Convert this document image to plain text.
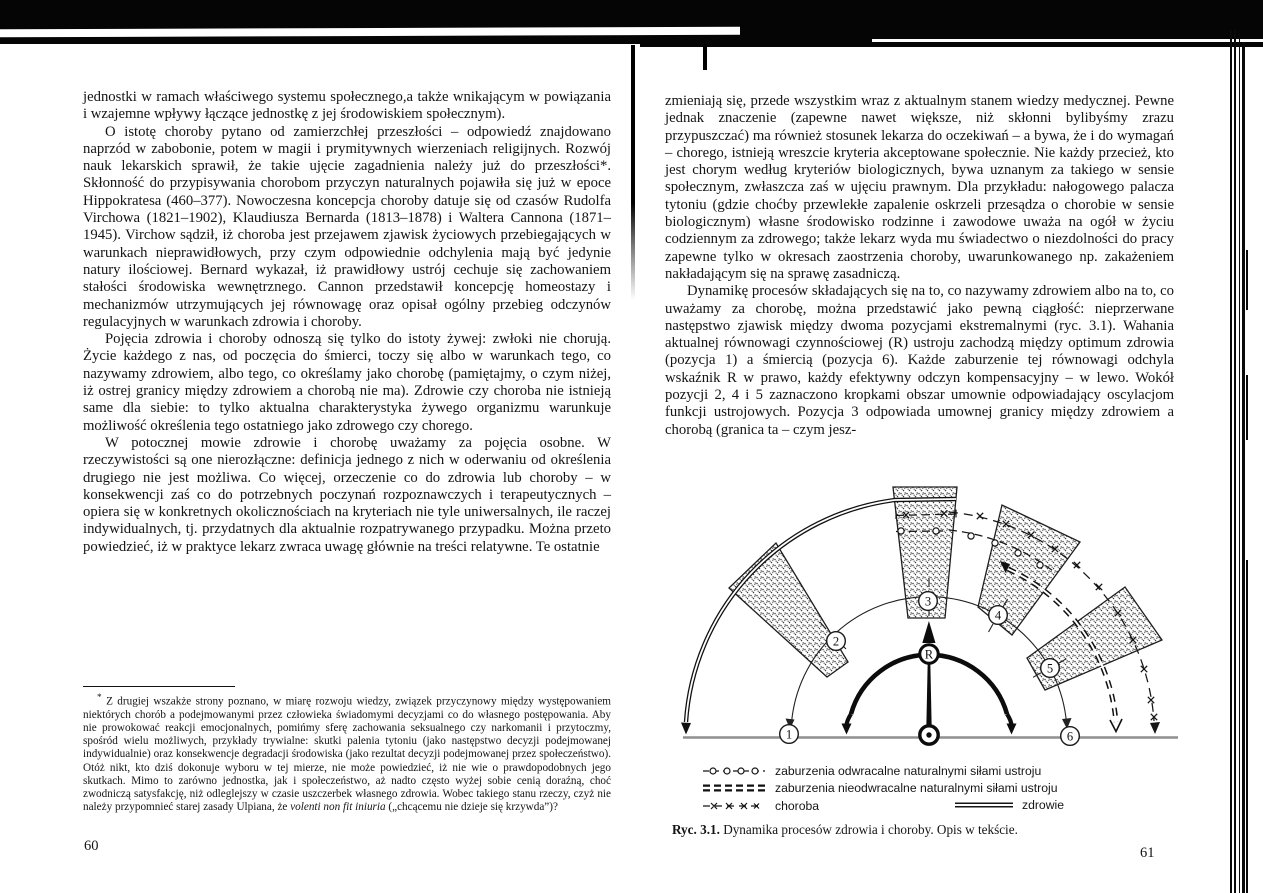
jednostki w ramach właściwego systemu społecznego,a także wnikającym w powiązania i wzajemne wpływy łączące jednostkę z jej środowiskiem społecznym).

O istotę choroby pytano od zamierzchłej przeszłości – odpowiedź znajdowano naprzód w zabobonie, potem w magii i prymitywnych wierzeniach religijnych. Rozwój nauk lekarskich sprawił, że takie ujęcie zagadnienia należy już do przeszłości*. Skłonność do przypisywania chorobom przyczyn naturalnych pojawiła się już w epoce Hippokratesa (460–377). Nowoczesna koncepcja choroby datuje się od czasów Rudolfa Virchowa (1821–1902), Klaudiusza Bernarda (1813–1878) i Waltera Cannona (1871–1945). Virchow sądził, iż choroba jest przejawem zjawisk życiowych przebiegających w warunkach nieprawidłowych, przy czym odpowiednie odchylenia mają być jedynie natury ilościowej. Bernard wykazał, iż prawidłowy ustrój cechuje się zachowaniem stałości środowiska wewnętrznego. Cannon przedstawił koncepcję homeostazy i mechanizmów utrzymujących jej równowagę oraz opisał ogólny przebieg odczynów regulacyjnych w warunkach zdrowia i choroby.

Pojęcia zdrowia i choroby odnoszą się tylko do istoty żywej: zwłoki nie chorują. Życie każdego z nas, od poczęcia do śmierci, toczy się albo w warunkach tego, co nazywamy zdrowiem, albo tego, co określamy jako chorobę (pamiętajmy, o czym niżej, iż ostrej granicy między zdrowiem a chorobą nie ma). Zdrowie czy choroba nie istnieją same dla siebie: to tylko aktualna charakterystyka żywego organizmu warunkuje możliwość określenia tego ostatniego jako zdrowego czy chorego.

W potocznej mowie zdrowie i chorobę uważamy za pojęcia osobne. W rzeczywistości są one nierozłączne: definicja jednego z nich w oderwaniu od określenia drugiego nie jest możliwa. Co więcej, orzeczenie co do zdrowia lub choroby – w konsekwencji zaś co do potrzebnych poczynań rozpoznawczych i terapeutycznych – opiera się w konkretnych okolicznościach na kryteriach nie tyle uniwersalnych, ile raczej indywidualnych, tj. przydatnych dla aktualnie rozpatrywanego przypadku. Można przeto powiedzieć, iż w praktyce lekarz zwraca uwagę głównie na treści relatywne. Te ostatnie

* Z drugiej wszakże strony poznano, w miarę rozwoju wiedzy, związek przyczynowy między występowaniem niektórych chorób a podejmowanymi przez człowieka świadomymi decyzjami co do własnego postępowania. Aby nie prowokować reakcji emocjonalnych, pomińmy sferę zachowania seksualnego czy narkomanii i przytoczmy, spośród wielu możliwych, przykłady trywialne: skutki palenia tytoniu (jako następstwo decyzji podejmowanej indywidualnie) oraz konsekwencje degradacji środowiska (jako rezultat decyzji podejmowanej przez społeczeństwo). Otóż nikt, kto dziś dokonuje wyboru w tej mierze, nie może powiedzieć, iż nie wie o prawdopodobnych jego skutkach. Mimo to zarówno jednostka, jak i społeczeństwo, aż nadto często wyżej sobie cenią doraźną, choć zwodniczą satysfakcję, niż odleglejszy w czasie uszczerbek własnego zdrowia. Wobec takiego stanu rzeczy, czyż nie należy przypomnieć starej zasady Ulpiana, że volenti non fit iniuria („chcącemu nie dzieje się krzywda”)?
60

zmieniają się, przede wszystkim wraz z aktualnym stanem wiedzy medycznej. Pewne jednak znaczenie (zapewne nawet większe, niż skłonni bylibyśmy zrazu przypuszczać) ma również stosunek lekarza do oczekiwań – a bywa, że i do wymagań – chorego, istnieją wreszcie kryteria akceptowane społecznie. Nie każdy przecież, kto jest chorym według kryteriów biologicznych, bywa uznanym za takiego w sensie społecznym, zwłaszcza zaś w ujęciu prawnym. Dla przykładu: nałogowego palacza tytoniu (gdzie choćby przewlekłe zapalenie oskrzeli przesądza o chorobie w sensie biologicznym) własne środowisko rodzinne i zawodowe uważa na ogół w życiu codziennym za zdrowego; także lekarz wyda mu świadectwo o niezdolności do pracy zapewne tylko w okresach zaostrzenia choroby, uwarunkowanego np. zakażeniem nakładającym się na sprawę zasadniczą.

Dynamikę procesów składających się na to, co nazywamy zdrowiem albo na to, co uważamy za chorobę, można przedstawić jako pewną ciągłość: nieprzerwane następstwo zjawisk między dwoma pozycjami ekstremalnymi (ryc. 3.1). Wahania aktualnej równowagi czynnościowej (R) ustroju zachodzą między optimum zdrowia (pozycja 1) a śmiercią (pozycja 6). Każde zaburzenie tej równowagi odchyla wskaźnik R w prawo, każdy efektywny odczyn kompensacyjny – w lewo. Wokół pozycji 2, 4 i 5 zaznaczono kropkami obszar umownie odpowiadający oscylacjom funkcji ustrojowych. Pozycja 3 odpowiada umownej granicy między zdrowiem a chorobą (granica ta – czym jesz-

R
1
2
3
4
5
6
zaburzenia odwracalne naturalnymi siłami ustroju
zaburzenia nieodwracalne naturalnymi siłami ustroju
choroba	zdrowie
Ryc. 3.1. Dynamika procesów zdrowia i choroby. Opis w tekście.
61
